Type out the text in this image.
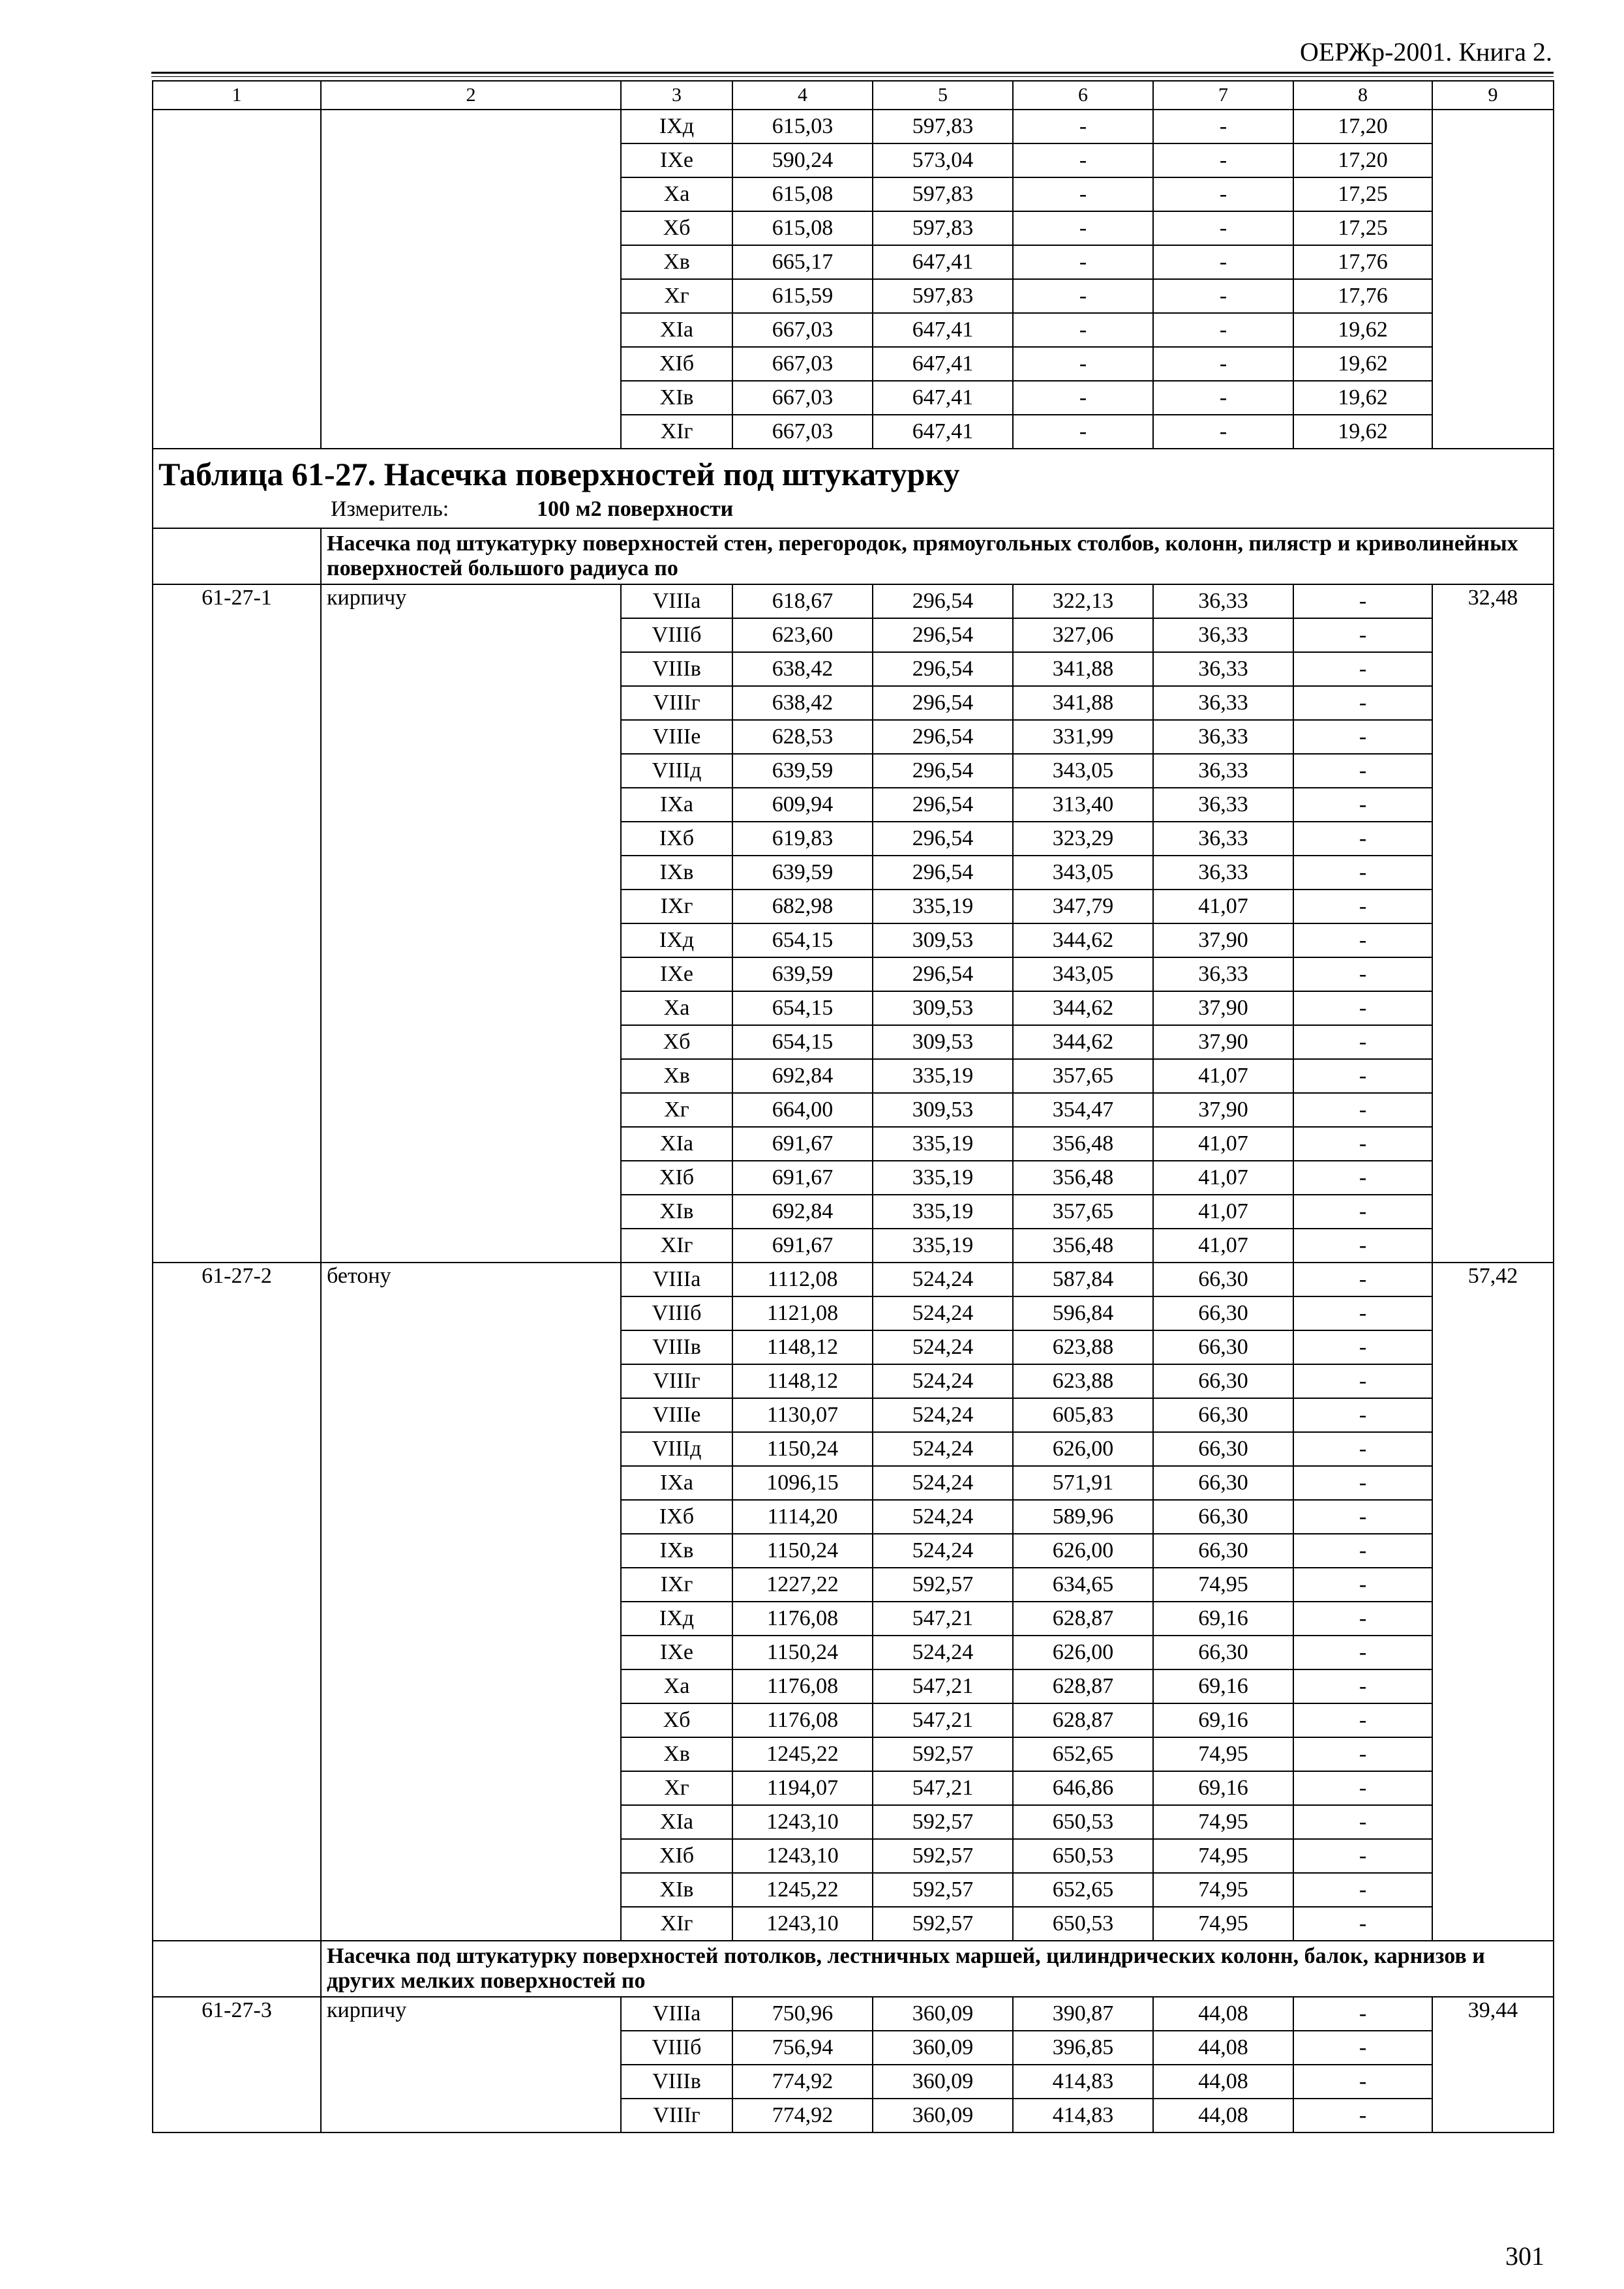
ОЕРЖр-2001. Книга 2.
1	2	3	4	5	6	7	8	9
		IXд	615,03	597,83	-	-	17,20	
		IXе	590,24	573,04	-	-	17,20	
		Xа	615,08	597,83	-	-	17,25	
		Xб	615,08	597,83	-	-	17,25	
		Xв	665,17	647,41	-	-	17,76	
		Xг	615,59	597,83	-	-	17,76	
		XIа	667,03	647,41	-	-	19,62	
		XIб	667,03	647,41	-	-	19,62	
		XIв	667,03	647,41	-	-	19,62	
		XIг	667,03	647,41	-	-	19,62	

Таблица 61-27. Насечка поверхностей под штукатурку
Измеритель: 100 м2 поверхности								

	Насечка под штукатурку поверхностей стен, перегородок, прямоугольных столбов, колонн, пилястр и криволинейных поверхностей большого радиуса по							
61-27-1	кирпичу	VIIIа	618,67	296,54	322,13	36,33	-	32,48
		VIIIб	623,60	296,54	327,06	36,33	-	
		VIIIв	638,42	296,54	341,88	36,33	-	
		VIIIг	638,42	296,54	341,88	36,33	-	
		VIIIе	628,53	296,54	331,99	36,33	-	
		VIIIд	639,59	296,54	343,05	36,33	-	
		IXа	609,94	296,54	313,40	36,33	-	
		IXб	619,83	296,54	323,29	36,33	-	
		IXв	639,59	296,54	343,05	36,33	-	
		IXг	682,98	335,19	347,79	41,07	-	
		IXд	654,15	309,53	344,62	37,90	-	
		IXе	639,59	296,54	343,05	36,33	-	
		Xа	654,15	309,53	344,62	37,90	-	
		Xб	654,15	309,53	344,62	37,90	-	
		Xв	692,84	335,19	357,65	41,07	-	
		Xг	664,00	309,53	354,47	37,90	-	
		XIа	691,67	335,19	356,48	41,07	-	
		XIб	691,67	335,19	356,48	41,07	-	
		XIв	692,84	335,19	357,65	41,07	-	
		XIг	691,67	335,19	356,48	41,07	-	
61-27-2	бетону	VIIIа	1112,08	524,24	587,84	66,30	-	57,42
		VIIIб	1121,08	524,24	596,84	66,30	-	
		VIIIв	1148,12	524,24	623,88	66,30	-	
		VIIIг	1148,12	524,24	623,88	66,30	-	
		VIIIе	1130,07	524,24	605,83	66,30	-	
		VIIIд	1150,24	524,24	626,00	66,30	-	
		IXа	1096,15	524,24	571,91	66,30	-	
		IXб	1114,20	524,24	589,96	66,30	-	
		IXв	1150,24	524,24	626,00	66,30	-	
		IXг	1227,22	592,57	634,65	74,95	-	
		IXд	1176,08	547,21	628,87	69,16	-	
		IXе	1150,24	524,24	626,00	66,30	-	
		Xа	1176,08	547,21	628,87	69,16	-	
		Xб	1176,08	547,21	628,87	69,16	-	
		Xв	1245,22	592,57	652,65	74,95	-	
		Xг	1194,07	547,21	646,86	69,16	-	
		XIа	1243,10	592,57	650,53	74,95	-	
		XIб	1243,10	592,57	650,53	74,95	-	
		XIв	1245,22	592,57	652,65	74,95	-	
		XIг	1243,10	592,57	650,53	74,95	-	
	Насечка под штукатурку поверхностей потолков, лестничных маршей, цилиндрических колонн, балок, карнизов и других мелких поверхностей по							
61-27-3	кирпичу	VIIIа	750,96	360,09	390,87	44,08	-	39,44
		VIIIб	756,94	360,09	396,85	44,08	-	
		VIIIв	774,92	360,09	414,83	44,08	-	
		VIIIг	774,92	360,09	414,83	44,08	-	
301
